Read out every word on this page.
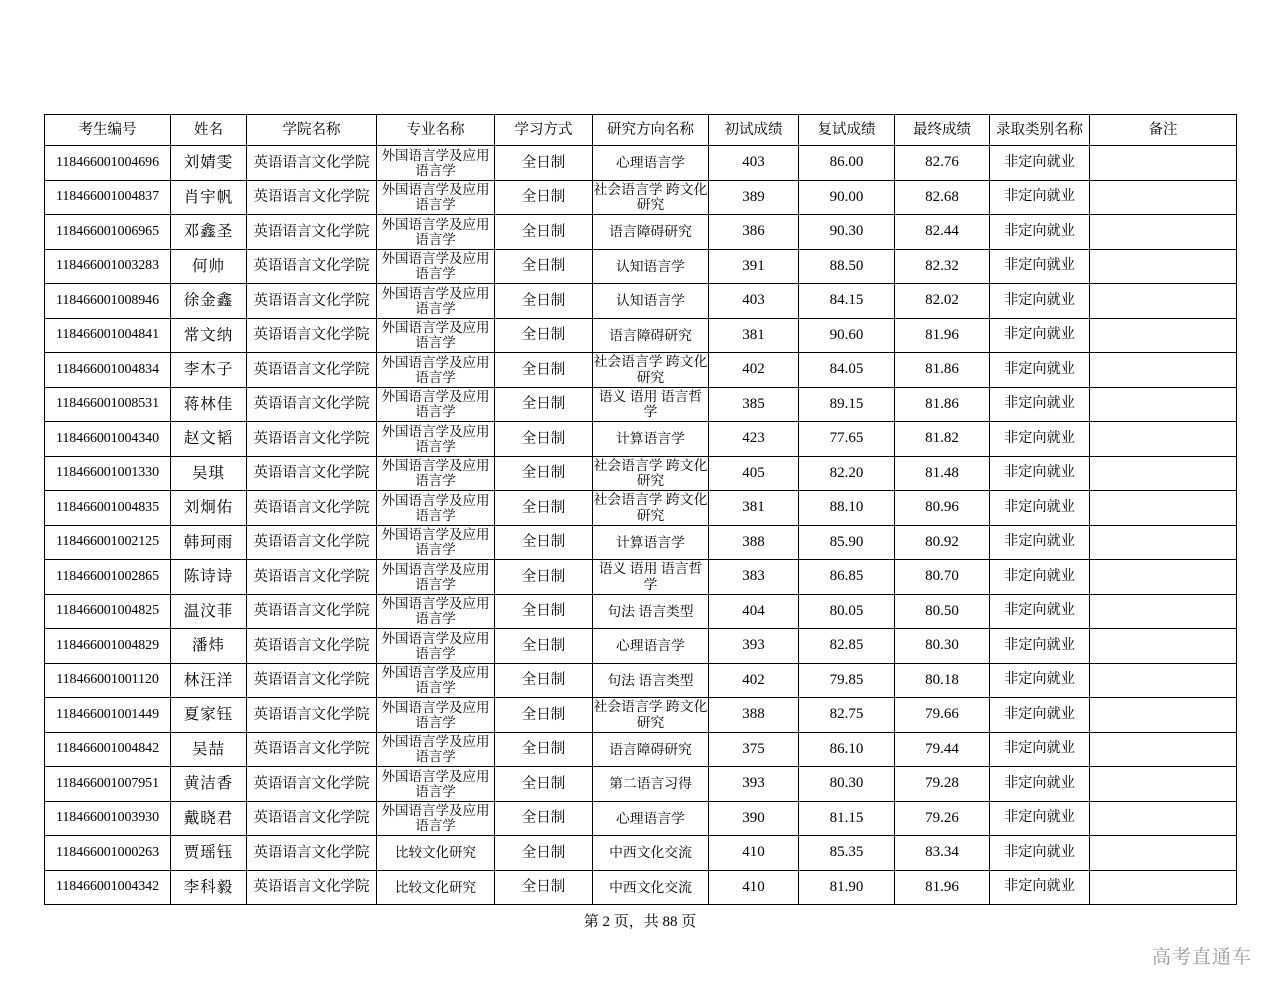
考生编号	姓名	学院名称	专业名称	学习方式	研究方向名称	初试成绩	复试成绩	最终成绩	录取类别名称	备注
118466001004696	刘婧雯	英语语言文化学院	外国语言学及应用语言学	全日制	心理语言学	403	86.00	82.76	非定向就业	
118466001004837	肖宇帆	英语语言文化学院	外国语言学及应用语言学	全日制	社会语言学 跨文化研究	389	90.00	82.68	非定向就业	
118466001006965	邓鑫圣	英语语言文化学院	外国语言学及应用语言学	全日制	语言障碍研究	386	90.30	82.44	非定向就业	
118466001003283	何帅	英语语言文化学院	外国语言学及应用语言学	全日制	认知语言学	391	88.50	82.32	非定向就业	
118466001008946	徐金鑫	英语语言文化学院	外国语言学及应用语言学	全日制	认知语言学	403	84.15	82.02	非定向就业	
118466001004841	常文纳	英语语言文化学院	外国语言学及应用语言学	全日制	语言障碍研究	381	90.60	81.96	非定向就业	
118466001004834	李木子	英语语言文化学院	外国语言学及应用语言学	全日制	社会语言学 跨文化研究	402	84.05	81.86	非定向就业	
118466001008531	蒋林佳	英语语言文化学院	外国语言学及应用语言学	全日制	语义 语用 语言哲学	385	89.15	81.86	非定向就业	
118466001004340	赵文韬	英语语言文化学院	外国语言学及应用语言学	全日制	计算语言学	423	77.65	81.82	非定向就业	
118466001001330	吴琪	英语语言文化学院	外国语言学及应用语言学	全日制	社会语言学 跨文化研究	405	82.20	81.48	非定向就业	
118466001004835	刘炯佑	英语语言文化学院	外国语言学及应用语言学	全日制	社会语言学 跨文化研究	381	88.10	80.96	非定向就业	
118466001002125	韩珂雨	英语语言文化学院	外国语言学及应用语言学	全日制	计算语言学	388	85.90	80.92	非定向就业	
118466001002865	陈诗诗	英语语言文化学院	外国语言学及应用语言学	全日制	语义 语用 语言哲学	383	86.85	80.70	非定向就业	
118466001004825	温汶菲	英语语言文化学院	外国语言学及应用语言学	全日制	句法 语言类型	404	80.05	80.50	非定向就业	
118466001004829	潘炜	英语语言文化学院	外国语言学及应用语言学	全日制	心理语言学	393	82.85	80.30	非定向就业	
118466001001120	林汪洋	英语语言文化学院	外国语言学及应用语言学	全日制	句法 语言类型	402	79.85	80.18	非定向就业	
118466001001449	夏家钰	英语语言文化学院	外国语言学及应用语言学	全日制	社会语言学 跨文化研究	388	82.75	79.66	非定向就业	
118466001004842	吴喆	英语语言文化学院	外国语言学及应用语言学	全日制	语言障碍研究	375	86.10	79.44	非定向就业	
118466001007951	黄洁香	英语语言文化学院	外国语言学及应用语言学	全日制	第二语言习得	393	80.30	79.28	非定向就业	
118466001003930	戴晓君	英语语言文化学院	外国语言学及应用语言学	全日制	心理语言学	390	81.15	79.26	非定向就业	
118466001000263	贾瑶钰	英语语言文化学院	比较文化研究	全日制	中西文化交流	410	85.35	83.34	非定向就业	
118466001004342	李科毅	英语语言文化学院	比较文化研究	全日制	中西文化交流	410	81.90	81.96	非定向就业	
第 2 页，共 88 页
高考直通车
